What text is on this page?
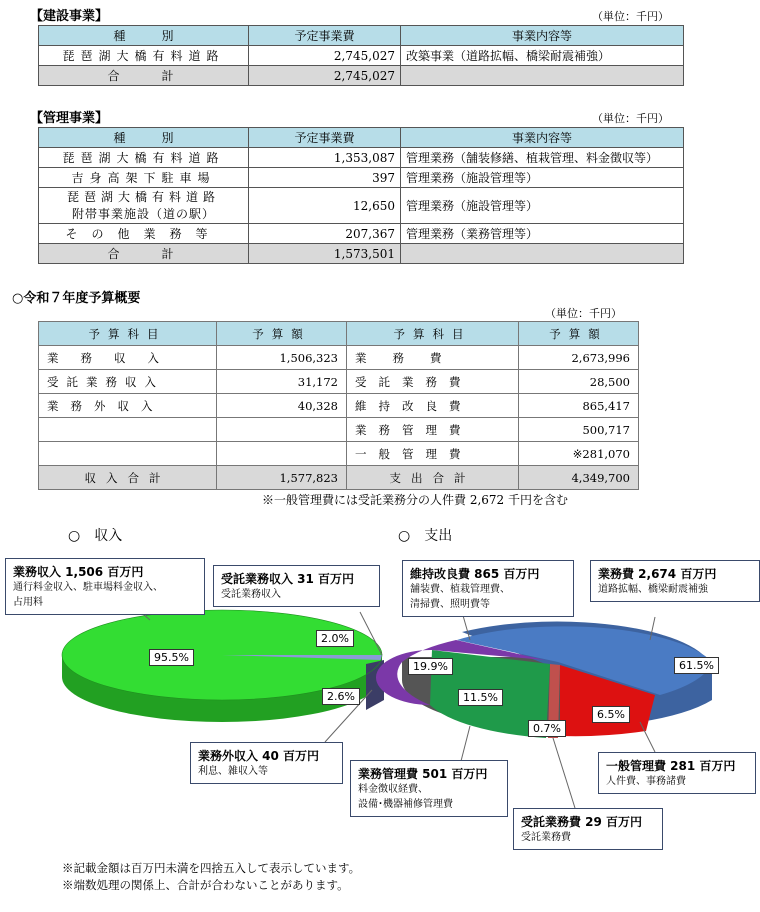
【建設事業】	（単位：千円）
種　　　別	予定事業費	事業内容等
琵琶湖大橋有料道路	2,745,027	改築事業（道路拡幅、橋梁耐震補強）
合　　計	2,745,027	
【管理事業】	（単位：千円）
種　　　別	予定事業費	事業内容等
琵琶湖大橋有料道路	1,353,087	管理業務（舗装修繕、植栽管理、料金徴収等）
吉身高架下駐車場	397	管理業務（施設管理等）

琵琶湖大橋有料道路
附帯事業施設（道の駅）	12,650	管理業務（施設管理等）
その他業務等	207,367	管理業務（業務管理等）
合　　計	1,573,501	
○令和７年度予算概要
（単位：千円）
予算科目	予算額	予算科目	予算額
業務収入	1,506,323	業務費	2,673,996
受託業務収入	31,172	受託業務費	28,500
業務外収入	40,328	維持改良費	865,417
		業務管理費	500,717
		一般管理費	※281,070
収入合計	1,577,823	支出合計	4,349,700
※一般管理費には受託業務分の人件費 2,672 千円を含む
○　収入	○　支出
95.5%
2.0%
2.6%
61.5%
6.5%
0.7%
11.5%
19.9%
業務収入 1,506 百万円
通行料金収入、駐車場料金収入、
占用料
受託業務収入 31 百万円
受託業務収入
業務外収入 40 百万円
利息、雑収入等
維持改良費 865 百万円
舗装費、植栽管理費、
清掃費、照明費等
業務費 2,674 百万円
道路拡幅、橋梁耐震補強
一般管理費 281 百万円
人件費、事務諸費
受託業務費 29 百万円
受託業務費
業務管理費 501 百万円
料金徴収経費、
設備･機器補修管理費
※記載金額は百万円未満を四捨五入して表示しています。
※端数処理の関係上、合計が合わないことがあります。
